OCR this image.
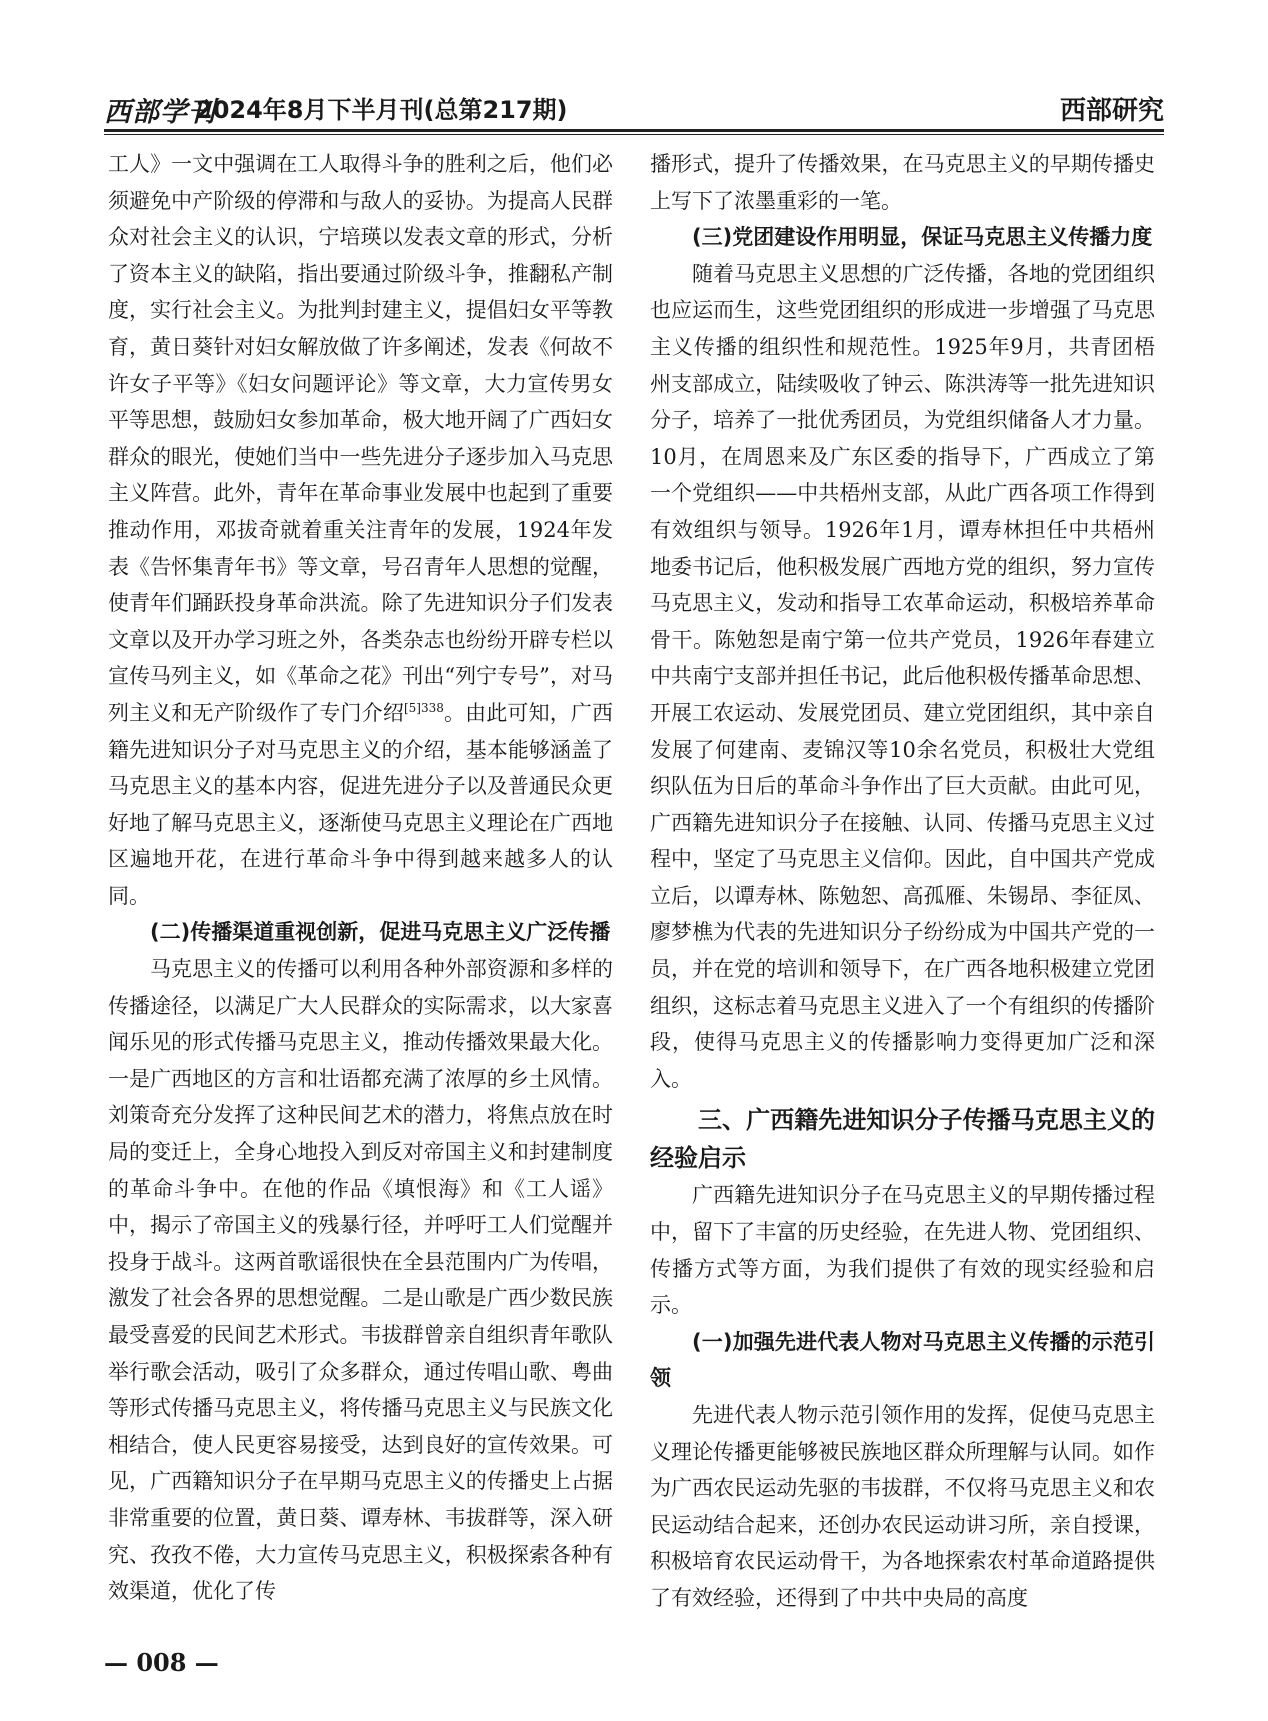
西部学刊
2024年8月下半月刊(总第217期)	西部研究

工人》一文中强调在工人取得斗争的胜利之后，他们必须避免中产阶级的停滞和与敌人的妥协。为提高人民群众对社会主义的认识，宁培瑛以发表文章的形式，分析了资本主义的缺陷，指出要通过阶级斗争，推翻私产制度，实行社会主义。为批判封建主义，提倡妇女平等教育，黄日葵针对妇女解放做了许多阐述，发表《何故不许女子平等》《妇女问题评论》等文章，大力宣传男女平等思想，鼓励妇女参加革命，极大地开阔了广西妇女群众的眼光，使她们当中一些先进分子逐步加入马克思主义阵营。此外，青年在革命事业发展中也起到了重要推动作用，邓拔奇就着重关注青年的发展，1924年发表《告怀集青年书》等文章，号召青年人思想的觉醒，使青年们踊跃投身革命洪流。除了先进知识分子们发表文章以及开办学习班之外，各类杂志也纷纷开辟专栏以宣传马列主义，如《革命之花》刊出“列宁专号”，对马列主义和无产阶级作了专门介绍$^{[5]338}$。由此可知，广西籍先进知识分子对马克思主义的介绍，基本能够涵盖了马克思主义的基本内容，促进先进分子以及普通民众更好地了解马克思主义，逐渐使马克思主义理论在广西地区遍地开花，在进行革命斗争中得到越来越多人的认同。

(二)传播渠道重视创新，促进马克思主义广泛传播

马克思主义的传播可以利用各种外部资源和多样的传播途径，以满足广大人民群众的实际需求，以大家喜闻乐见的形式传播马克思主义，推动传播效果最大化。一是广西地区的方言和壮语都充满了浓厚的乡土风情。刘策奇充分发挥了这种民间艺术的潜力，将焦点放在时局的变迁上，全身心地投入到反对帝国主义和封建制度的革命斗争中。在他的作品《填恨海》和《工人谣》中，揭示了帝国主义的残暴行径，并呼吁工人们觉醒并投身于战斗。这两首歌谣很快在全县范围内广为传唱，激发了社会各界的思想觉醒。二是山歌是广西少数民族最受喜爱的民间艺术形式。韦拔群曾亲自组织青年歌队举行歌会活动，吸引了众多群众，通过传唱山歌、粤曲等形式传播马克思主义，将传播马克思主义与民族文化相结合，使人民更容易接受，达到良好的宣传效果。可见，广西籍知识分子在早期马克思主义的传播史上占据非常重要的位置，黄日葵、谭寿林、韦拔群等，深入研究、孜孜不倦，大力宣传马克思主义，积极探索各种有效渠道，优化了传

播形式，提升了传播效果，在马克思主义的早期传播史上写下了浓墨重彩的一笔。

(三)党团建设作用明显，保证马克思主义传播力度

随着马克思主义思想的广泛传播，各地的党团组织也应运而生，这些党团组织的形成进一步增强了马克思主义传播的组织性和规范性。1925年9月，共青团梧州支部成立，陆续吸收了钟云、陈洪涛等一批先进知识分子，培养了一批优秀团员，为党组织储备人才力量。10月，在周恩来及广东区委的指导下，广西成立了第一个党组织——中共梧州支部，从此广西各项工作得到有效组织与领导。1926年1月，谭寿林担任中共梧州地委书记后，他积极发展广西地方党的组织，努力宣传马克思主义，发动和指导工农革命运动，积极培养革命骨干。陈勉恕是南宁第一位共产党员，1926年春建立中共南宁支部并担任书记，此后他积极传播革命思想、开展工农运动、发展党团员、建立党团组织，其中亲自发展了何建南、麦锦汉等10余名党员，积极壮大党组织队伍为日后的革命斗争作出了巨大贡献。由此可见，广西籍先进知识分子在接触、认同、传播马克思主义过程中，坚定了马克思主义信仰。因此，自中国共产党成立后，以谭寿林、陈勉恕、高孤雁、朱锡昂、李征凤、廖梦樵为代表的先进知识分子纷纷成为中国共产党的一员，并在党的培训和领导下，在广西各地积极建立党团组织，这标志着马克思主义进入了一个有组织的传播阶段，使得马克思主义的传播影响力变得更加广泛和深入。

三、广西籍先进知识分子传播马克思主义的经验启示

广西籍先进知识分子在马克思主义的早期传播过程中，留下了丰富的历史经验，在先进人物、党团组织、传播方式等方面，为我们提供了有效的现实经验和启示。

(一)加强先进代表人物对马克思主义传播的示范引领

先进代表人物示范引领作用的发挥，促使马克思主义理论传播更能够被民族地区群众所理解与认同。如作为广西农民运动先驱的韦拔群，不仅将马克思主义和农民运动结合起来，还创办农民运动讲习所，亲自授课，积极培育农民运动骨干，为各地探索农村革命道路提供了有效经验，还得到了中共中央局的高度

— 008 —
